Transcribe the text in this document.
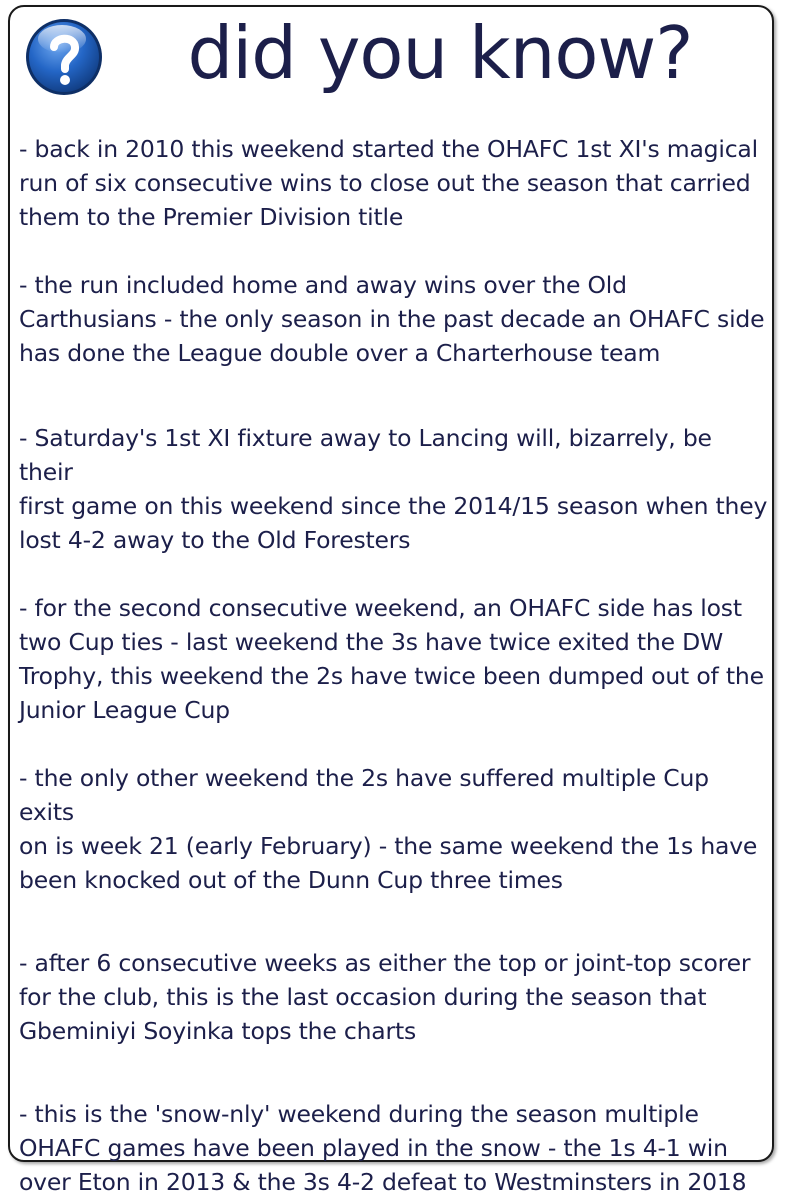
did you know?

- back in 2010 this weekend started the OHAFC 1st XI's magical
run of six consecutive wins to close out the season that carried
them to the Premier Division title

- the run included home and away wins over the Old
Carthusians - the only season in the past decade an OHAFC side
has done the League double over a Charterhouse team

- Saturday's 1st XI fixture away to Lancing will, bizarrely, be their
first game on this weekend since the 2014/15 season when they
lost 4-2 away to the Old Foresters

- for the second consecutive weekend, an OHAFC side has lost
two Cup ties - last weekend the 3s have twice exited the DW
Trophy, this weekend the 2s have twice been dumped out of the
Junior League Cup

- the only other weekend the 2s have suffered multiple Cup exits
on is week 21 (early February) - the same weekend the 1s have
been knocked out of the Dunn Cup three times

- after 6 consecutive weeks as either the top or joint-top scorer
for the club, this is the last occasion during the season that
Gbeminiyi Soyinka tops the charts

- this is the 'snow-nly' weekend during the season multiple
OHAFC games have been played in the snow - the 1s 4-1 win
over Eton in 2013 & the 3s 4-2 defeat to Westminsters in 2018
